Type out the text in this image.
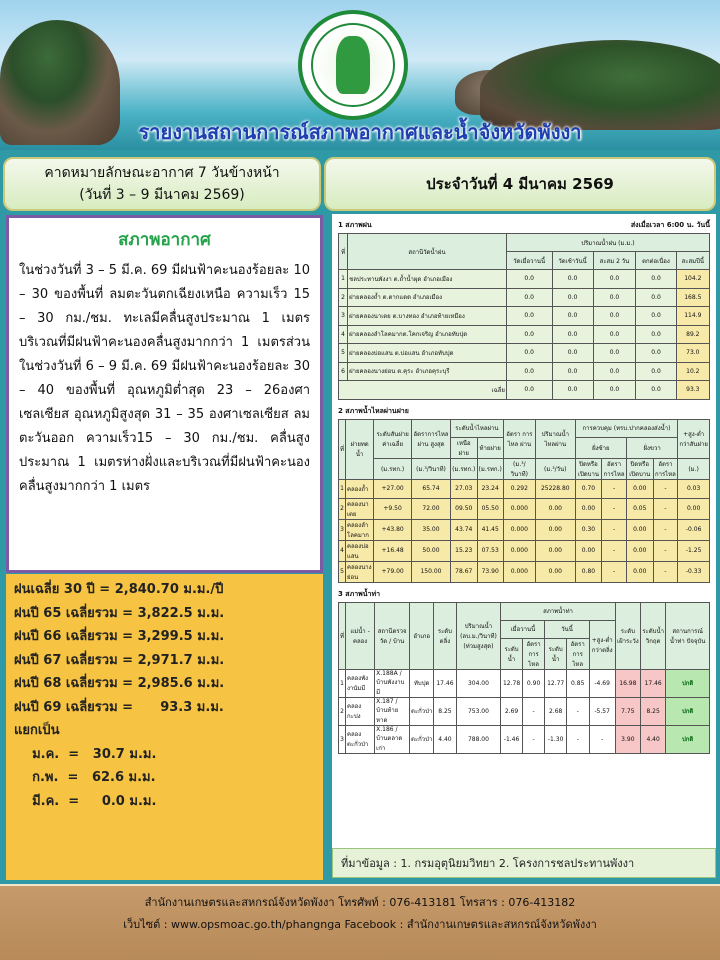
รายงานสถานการณ์สภาพอากาศและน้ำจังหวัดพังงา
คาดหมายลักษณะอากาศ 7 วันข้างหน้า
(วันที่ 3 – 9 มีนาคม 2569)
ประจำวันที่ 4 มีนาคม 2569
สภาพอากาศ

ในช่วงวันที่ 3 – 5 มี.ค. 69 มีฝนฟ้าคะนองร้อยละ 10 – 30 ของพื้นที่ ลมตะวันตกเฉียงเหนือ ความเร็ว 15 – 30 กม./ชม. ทะเลมีคลื่นสูงประมาณ 1 เมตร บริเวณที่มีฝนฟ้าคะนองคลื่นสูงมากกว่า 1 เมตรส่วนในช่วงวันที่ 6 – 9 มี.ค. 69 มีฝนฟ้าคะนองร้อยละ 30 – 40 ของพื้นที่ อุณหภูมิต่ำสุด 23 – 26องศาเซลเซียส อุณหภูมิสูงสุด 31 – 35 องศาเซลเซียส ลมตะวันออก ความเร็ว15 – 30 กม./ชม. คลื่นสูงประมาณ 1 เมตรห่างฝั่งและบริเวณที่มีฝนฟ้าคะนองคลื่นสูงมากกว่า 1 เมตร

ฝนเฉลี่ย 30 ปี = 2,840.70 ม.ม./ปี
ฝนปี 65 เฉลี่ยรวม = 3,822.5 ม.ม.
ฝนปี 66 เฉลี่ยรวม = 3,299.5 ม.ม.
ฝนปี 67 เฉลี่ยรวม = 2,971.7 ม.ม.
ฝนปี 68 เฉลี่ยรวม = 2,985.6 ม.ม.
ฝนปี 69 เฉลี่ยรวม =      93.3 ม.ม.
แยกเป็น
ม.ค.  =   30.7 ม.ม.
ก.พ.  =   62.6 ม.ม.
มี.ค.  =     0.0 ม.ม.
1 สภาพฝน	ส่งเมื่อเวลา 6:00 น. วันนี้
ที่	สถานีวัดน้ำฝน	ปริมาณน้ำฝน (ม.ม.)				
		วัดเมื่อวานนี้	วัดเช้าวันนี้	สะสม 2 วัน	ตกต่อเนื่อง	สะสมปีนี้
1	ชลประทานพังงา ต.ถ้ำน้ำผุด อำเภอเมือง	0.0	0.0	0.0	0.0	104.2
2	ฝายคลองถ้ำ ต.ตากแดด อำเภอเมือง	0.0	0.0	0.0	0.0	168.5
3	ฝายคลองนาเตย ต.บางทอง อำเภอท้ายเหมือง	0.0	0.0	0.0	0.0	114.9
4	ฝายคลองลำโลคมากต.โคกเจริญ อำเภอทับปุด	0.0	0.0	0.0	0.0	89.2
5	ฝายคลองบ่อแสน ต.บ่อแสน อำเภอทับปุด	0.0	0.0	0.0	0.0	73.0
6	ฝายคลองนางย่อน ต.คุระ อำเภอคุระบุรี	0.0	0.0	0.0	0.0	10.2
เฉลี่ย		0.0	0.0	0.0	0.0	93.3
2 สภาพน้ำไหลผ่านฝาย
ที่	ฝายทดน้ำ	ระดับสันฝาย ค่าเฉลี่ย	อัตราการไหลผ่าน สูงสุด	ระดับน้ำไหลผ่าน		อัตรา การไหล ผ่าน	ปริมาณน้ำ ไหลผ่าน	การควบคุม (ทรบ.ปากคลองส่งน้ำ)				+สูง-ต่ำ กว่าสันฝาย
				เหนือฝาย	ท้ายฝาย			ฝั่งซ้าย		ฝั่งขวา		
		(ม.รทก.)	(ม.³/วินาที)	(ม.รทก.)	(ม.รทก.)	(ม.³/วินาที)	(ม.³/วัน)	ปิดหรือ เปิดบาน	อัตราการไหล	ปิดหรือ เปิดบาน	อัตราการไหล	(ม.)
1	คลองถ้ำ	+27.00	65.74	27.03	23.24	0.292	25228.80	0.70	-	0.00	-	0.03
2	คลองนาเตย	+9.50	72.00	09.50	05.50	0.000	0.00	0.00	-	0.05	-	0.00
3	คลองลำโลคมาก	+43.80	35.00	43.74	41.45	0.000	0.00	0.30	-	0.00	-	-0.06
4	คลองบ่อแสน	+16.48	50.00	15.23	07.53	0.000	0.00	0.00	-	0.00	-	-1.25
5	คลองนางย่อน	+79.00	150.00	78.67	73.90	0.000	0.00	0.80	-	0.00	-	-0.33
3 สภาพน้ำท่า
ที่	แม่น้ำ - คลอง	สถานีตรวจวัด / บ้าน	อำเภอ	ระดับตลิ่ง	ปริมาณน้ำ (ลบ.ม./วินาที) (ท่วมสูงสุด)	สภาพน้ำท่า					ระดับเฝ้าระวัง	ระดับน้ำวิกฤต	สถานการณ์ น้ำท่า ปัจจุบัน
						เมื่อวานนี้		วันนี้		+สูง-ต่ำ กว่าตลิ่ง			
						ระดับน้ำ	อัตราการไหล	ระดับน้ำ	อัตราการไหล				
1	คลองพังงานัมมี	X.188A / บ้านพังงาบมี	ทับปุด	17.46	304.00	12.78	0.90	12.77	0.85	-4.69	16.98	17.46	ปกติ
2	คลองกะปง	X.187 / บ้านท้ายหาด	ตะกั่วป่า	8.25	753.00	2.69	-	2.68	-	-5.57	7.75	8.25	ปกติ
3	คลองตะกั่วป่า	X.186 / บ้านตลาดเก่า	ตะกั่วป่า	4.40	788.00	-1.46	-	-1.30	-	-	3.90	4.40	ปกติ
ที่มาข้อมูล : 1. กรมอุตุนิยมวิทยา 2. โครงการชลประทานพังงา
สำนักงานเกษตรและสหกรณ์จังหวัดพังงา โทรศัพท์ : 076-413181 โทรสาร : 076-413182
เว็บไซต์ : www.opsmoac.go.th/phangnga Facebook : สำนักงานเกษตรและสหกรณ์จังหวัดพังงา
